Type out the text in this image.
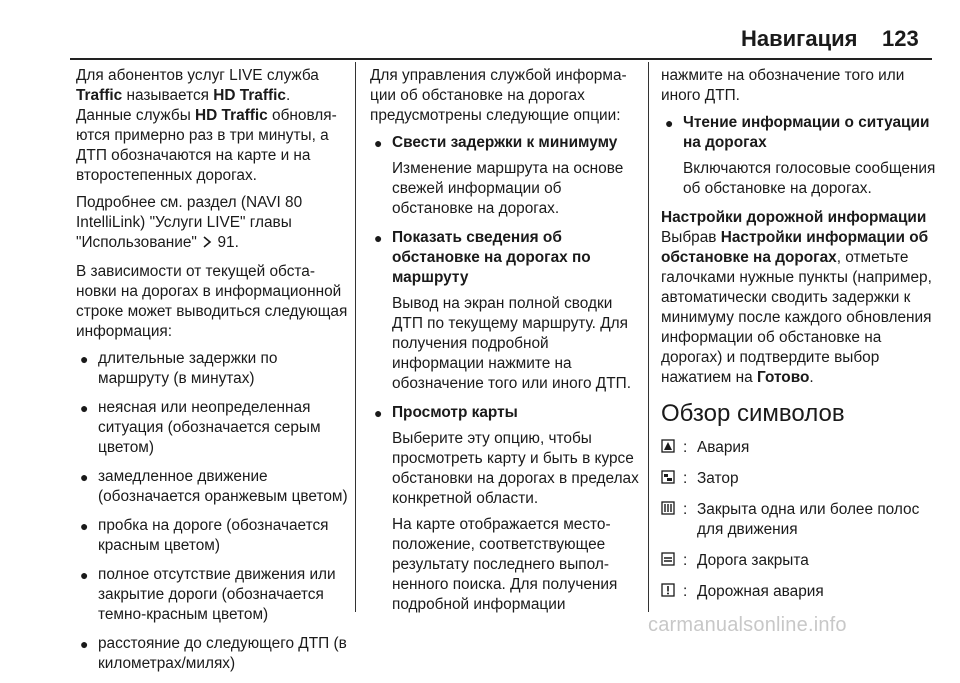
Навигация 123

Для абонентов услуг LIVE служба Traffic называется HD Traffic. Данные службы HD Traffic обновляются примерно раз в три минуты, а ДТП обозначаются на карте и на второстепенных дорогах.

Подробнее см. раздел (NAVI 80 IntelliLink) "Услуги LIVE" главы "Использование"  91.

В зависимости от текущей обстановки на дорогах в информационной строке может выводиться следующая информация:

● длительные задержки по маршруту (в минутах)
● неясная или неопределенная ситуация (обозначается серым цветом)
● замедленное движение (обозначается оранжевым цветом)
● пробка на дороге (обозначается красным цветом)
● полное отсутствие движения или закрытие дороги (обозначается темно-красным цветом)
● расстояние до следующего ДТП (в километрах/милях)

Для управления службой информации об обстановке на дорогах предусмотрены следующие опции:

● Свести задержки к минимуму
Изменение маршрута на основе свежей информации об обстановке на дорогах.
● Показать сведения об обстановке на дорогах по маршруту
Вывод на экран полной сводки ДТП по текущему маршруту. Для получения подробной информации нажмите на обозначение того или иного ДТП.
● Просмотр карты
Выберите эту опцию, чтобы просмотреть карту и быть в курсе обстановки на дорогах в пределах конкретной области.
На карте отображается местоположение, соответствующее результату последнего выполненного поиска. Для получения подробной информации

нажмите на обозначение того или иного ДТП.

● Чтение информации о ситуации на дорогах
Включаются голосовые сообщения об обстановке на дорогах.
Настройки дорожной информации

Выбрав Настройки информации об обстановке на дорогах, отметьте галочками нужные пункты (например, автоматически сводить задержки к минимуму после каждого обновления информации об обстановке на дорогах) и подтвердите выбор нажатием на Готово.

Обзор символов
: Авария
: Затор
: Закрыта одна или более полос для движения
: Дорога закрыта
: Дорожная авария
carmanualsonline.info
